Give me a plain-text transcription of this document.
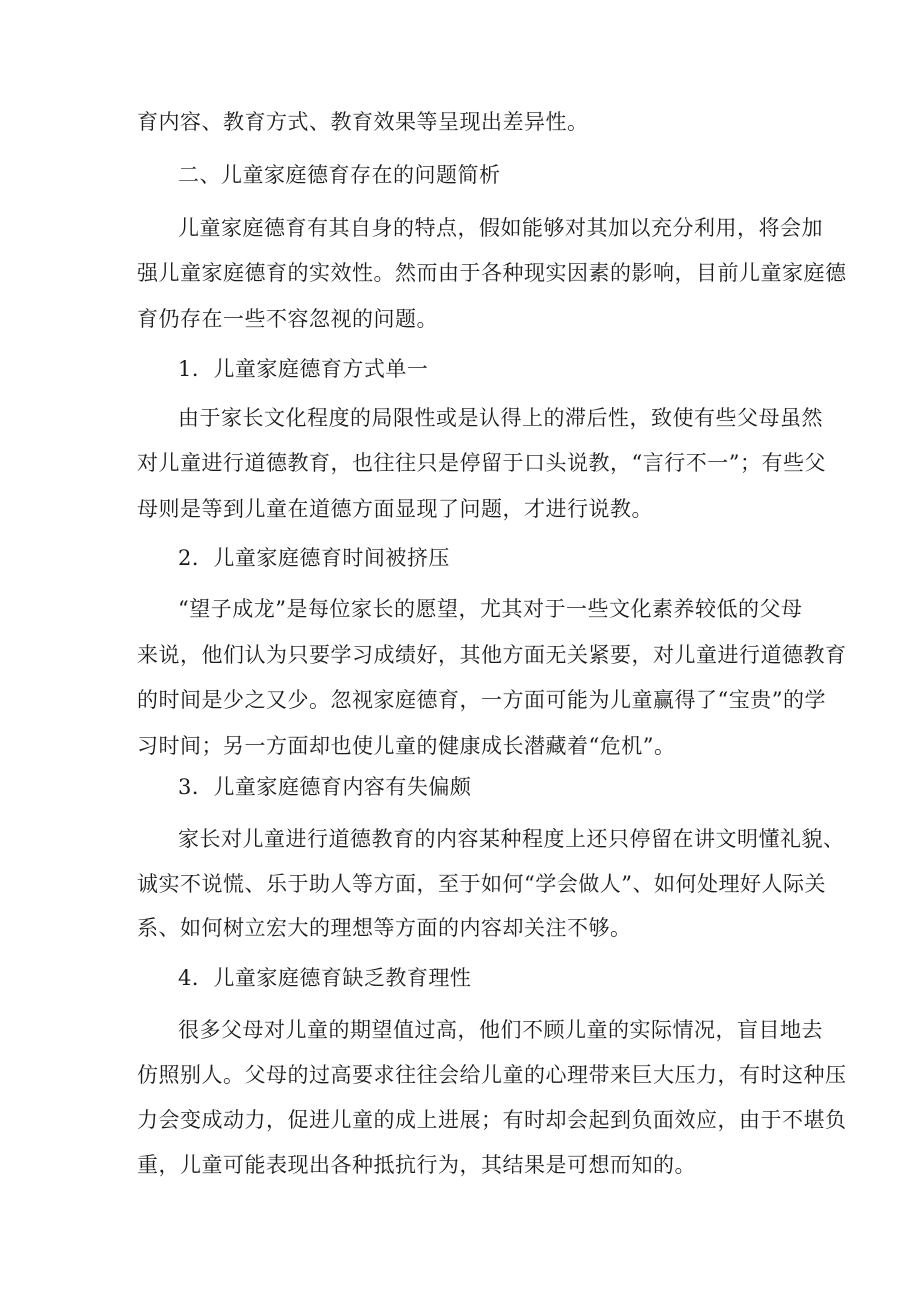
育内容、教育方式、教育效果等呈现出差异性。
二、儿童家庭德育存在的问题简析
儿童家庭德育有其自身的特点，假如能够对其加以充分利用，将会加
强儿童家庭德育的实效性。然而由于各种现实因素的影响，目前儿童家庭德
育仍存在一些不容忽视的问题。
1．儿童家庭德育方式单一
由于家长文化程度的局限性或是认得上的滞后性，致使有些父母虽然
对儿童进行道德教育，也往往只是停留于口头说教，“言行不一”；有些父
母则是等到儿童在道德方面显现了问题，才进行说教。
2．儿童家庭德育时间被挤压
“望子成龙”是每位家长的愿望，尤其对于一些文化素养较低的父母
来说，他们认为只要学习成绩好，其他方面无关紧要，对儿童进行道德教育
的时间是少之又少。忽视家庭德育，一方面可能为儿童赢得了“宝贵”的学
习时间；另一方面却也使儿童的健康成长潜藏着“危机”。
3．儿童家庭德育内容有失偏颇
家长对儿童进行道德教育的内容某种程度上还只停留在讲文明懂礼貌、
诚实不说慌、乐于助人等方面，至于如何“学会做人”、如何处理好人际关
系、如何树立宏大的理想等方面的内容却关注不够。
4．儿童家庭德育缺乏教育理性
很多父母对儿童的期望值过高，他们不顾儿童的实际情况，盲目地去
仿照别人。父母的过高要求往往会给儿童的心理带来巨大压力，有时这种压
力会变成动力，促进儿童的成上进展；有时却会起到负面效应，由于不堪负
重，儿童可能表现出各种抵抗行为，其结果是可想而知的。
